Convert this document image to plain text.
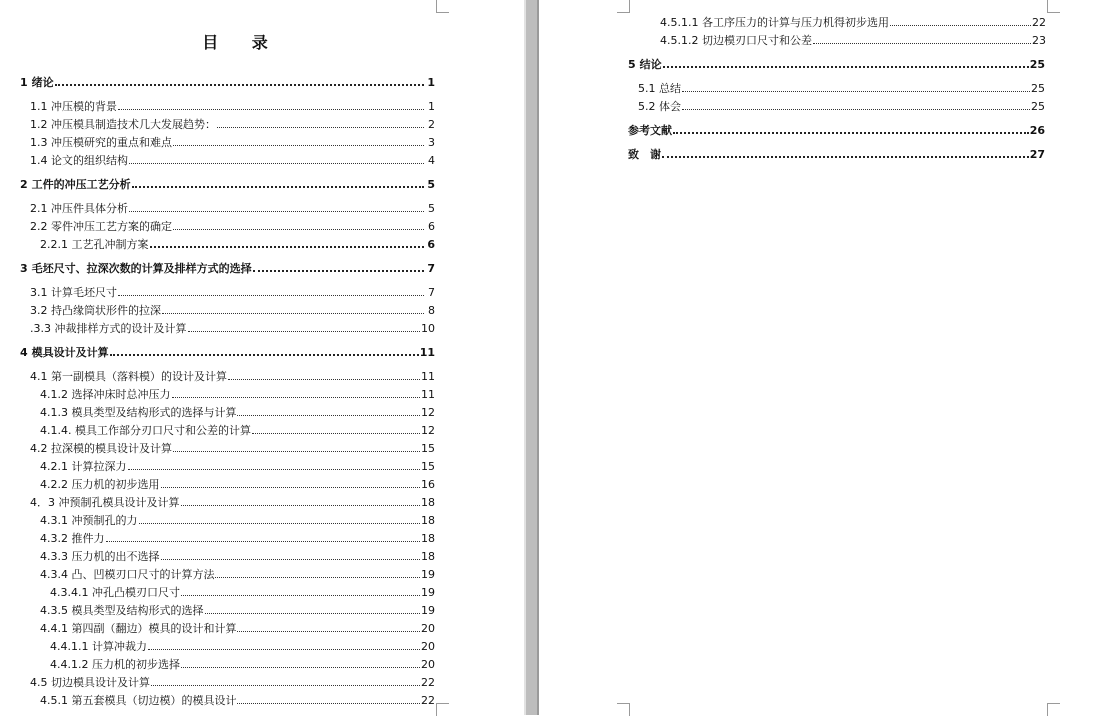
目 录
1 绪论	1
1.1 冲压模的背景	1
1.2 冲压模具制造技术几大发展趋势：	2
1.3 冲压模研究的重点和难点	3
1.4 论文的组织结构	4
2 工件的冲压工艺分析	5
2.1 冲压件具体分析	5
2.2 零件冲压工艺方案的确定	6
2.2.1 工艺孔冲制方案	6
3 毛坯尺寸、拉深次数的计算及排样方式的选择	7
3.1 计算毛坯尺寸	7
3.2 持凸缘筒状形件的拉深	8
.3.3 冲裁排样方式的设计及计算	10
4 模具设计及计算	11
4.1 第一副模具（落料模）的设计及计算	11
4.1.2 选择冲床时总冲压力	11
4.1.3 模具类型及结构形式的选择与计算	12
4.1.4. 模具工作部分刃口尺寸和公差的计算	12
4.2 拉深模的模具设计及计算	15
4.2.1 计算拉深力	15
4.2.2 压力机的初步选用	16
4．3 冲预制孔模具设计及计算	18
4.3.1 冲预制孔的力	18
4.3.2 推件力	18
4.3.3 压力机的出不选择	18
4.3.4 凸、凹模刃口尺寸的计算方法	19
4.3.4.1 冲孔凸模刃口尺寸	19
4.3.5 模具类型及结构形式的选择	19
4.4.1 第四副（翻边）模具的设计和计算	20
4.4.1.1 计算冲裁力	20
4.4.1.2 压力机的初步选择	20
4.5 切边模具设计及计算	22
4.5.1 第五套模具（切边模）的模具设计	22
4.5.1.1 各工序压力的计算与压力机得初步选用	22
4.5.1.2 切边模刃口尺寸和公差	23
5 结论	25
5.1 总结	25
5.2 体会	25
参考文献	26
致　谢	27
